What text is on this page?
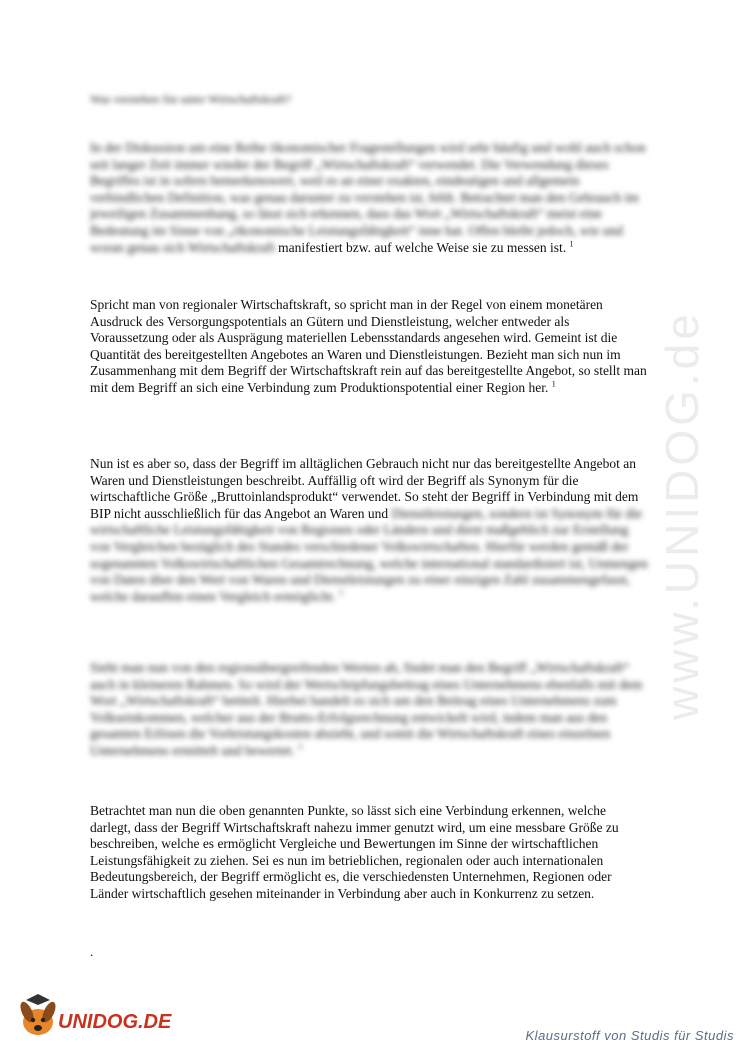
www.UNIDOG.de
Was verstehen Sie unter Wirtschaftskraft?

In der Diskussion um eine Reihe ökonomischer Fragestellungen wird sehr häufig und wohl auch schon seit langer Zeit immer wieder der Begriff „Wirtschaftskraft“ verwendet. Die Verwendung dieses Begriffes ist in sofern bemerkenswert, weil es an einer exakten, eindeutigen und allgemein verbindlichen Definition, was genau darunter zu verstehen ist, fehlt. Betrachtet man den Gebrauch im jeweiligen Zusammenhang, so lässt sich erkennen, dass das Wort „Wirtschaftskraft“ meist eine Bedeutung im Sinne von „ökonomische Leistungsfähigkeit“ inne hat. Offen bleibt jedoch, wie und woran genau sich Wirtschaftskraft manifestiert bzw. auf welche Weise sie zu messen ist. $^1$

Spricht man von regionaler Wirtschaftskraft, so spricht man in der Regel von einem monetären Ausdruck des Versorgungspotentials an Gütern und Dienstleistung, welcher entweder als Voraussetzung oder als Ausprägung materiellen Lebensstandards angesehen wird. Gemeint ist die Quantität des bereitgestellten Angebotes an Waren und Dienstleistungen. Bezieht man sich nun im Zusammenhang mit dem Begriff der Wirtschaftskraft rein auf das bereitgestellte Angebot, so stellt man mit dem Begriff an sich eine Verbindung zum Produktionspotential einer Region her. $^1$

Nun ist es aber so, dass der Begriff im alltäglichen Gebrauch nicht nur das bereitgestellte Angebot an Waren und Dienstleistungen beschreibt. Auffällig oft wird der Begriff als Synonym für die wirtschaftliche Größe „Bruttoinlandsprodukt“ verwendet. So steht der Begriff in Verbindung mit dem BIP nicht ausschließlich für das Angebot an Waren und Dienstleistungen, sondern ist Synonym für die wirtschaftliche Leistungsfähigkeit von Regionen oder Ländern und dient maßgeblich zur Erstellung von Vergleichen bezüglich des Standes verschiedener Volkswirtschaften. Hierfür werden gemäß der sogenannten Volkswirtschaftlichen Gesamtrechnung, welche international standardisiert ist, Unmengen von Daten über den Wert von Waren und Dienstleistungen zu einer einzigen Zahl zusammengefasst, welche daraufhin einen Vergleich ermöglicht. $^2$

Sieht man nun von den regionsübergreifenden Werten ab, findet man den Begriff „Wirtschaftskraft“ auch in kleineren Rahmen. So wird der Wertschöpfungsbeitrag eines Unternehmens ebenfalls mit dem Wort „Wirtschaftskraft“ betitelt. Hierbei handelt es sich um den Beitrag eines Unternehmens zum Volkseinkommen, welcher aus der Brutto-Erfolgsrechnung entwickelt wird, indem man aus den gesamten Erlösen die Vorleistungskosten abzieht, und somit die Wirtschaftskraft eines einzelnen Unternehmens ermittelt und bewertet. $^3$

Betrachtet man nun die oben genannten Punkte, so lässt sich eine Verbindung erkennen, welche darlegt, dass der Begriff Wirtschaftskraft nahezu immer genutzt wird, um eine messbare Größe zu beschreiben, welche es ermöglicht Vergleiche und Bewertungen im Sinne der wirtschaftlichen Leistungsfähigkeit zu ziehen. Sei es nun im betrieblichen, regionalen oder auch internationalen Bedeutungsbereich, der Begriff ermöglicht es, die verschiedensten Unternehmen, Regionen oder Länder wirtschaftlich gesehen miteinander in Verbindung aber auch in Konkurrenz zu setzen.

.
UNIDOG.DE
Klausurstoff von Studis für Studis
